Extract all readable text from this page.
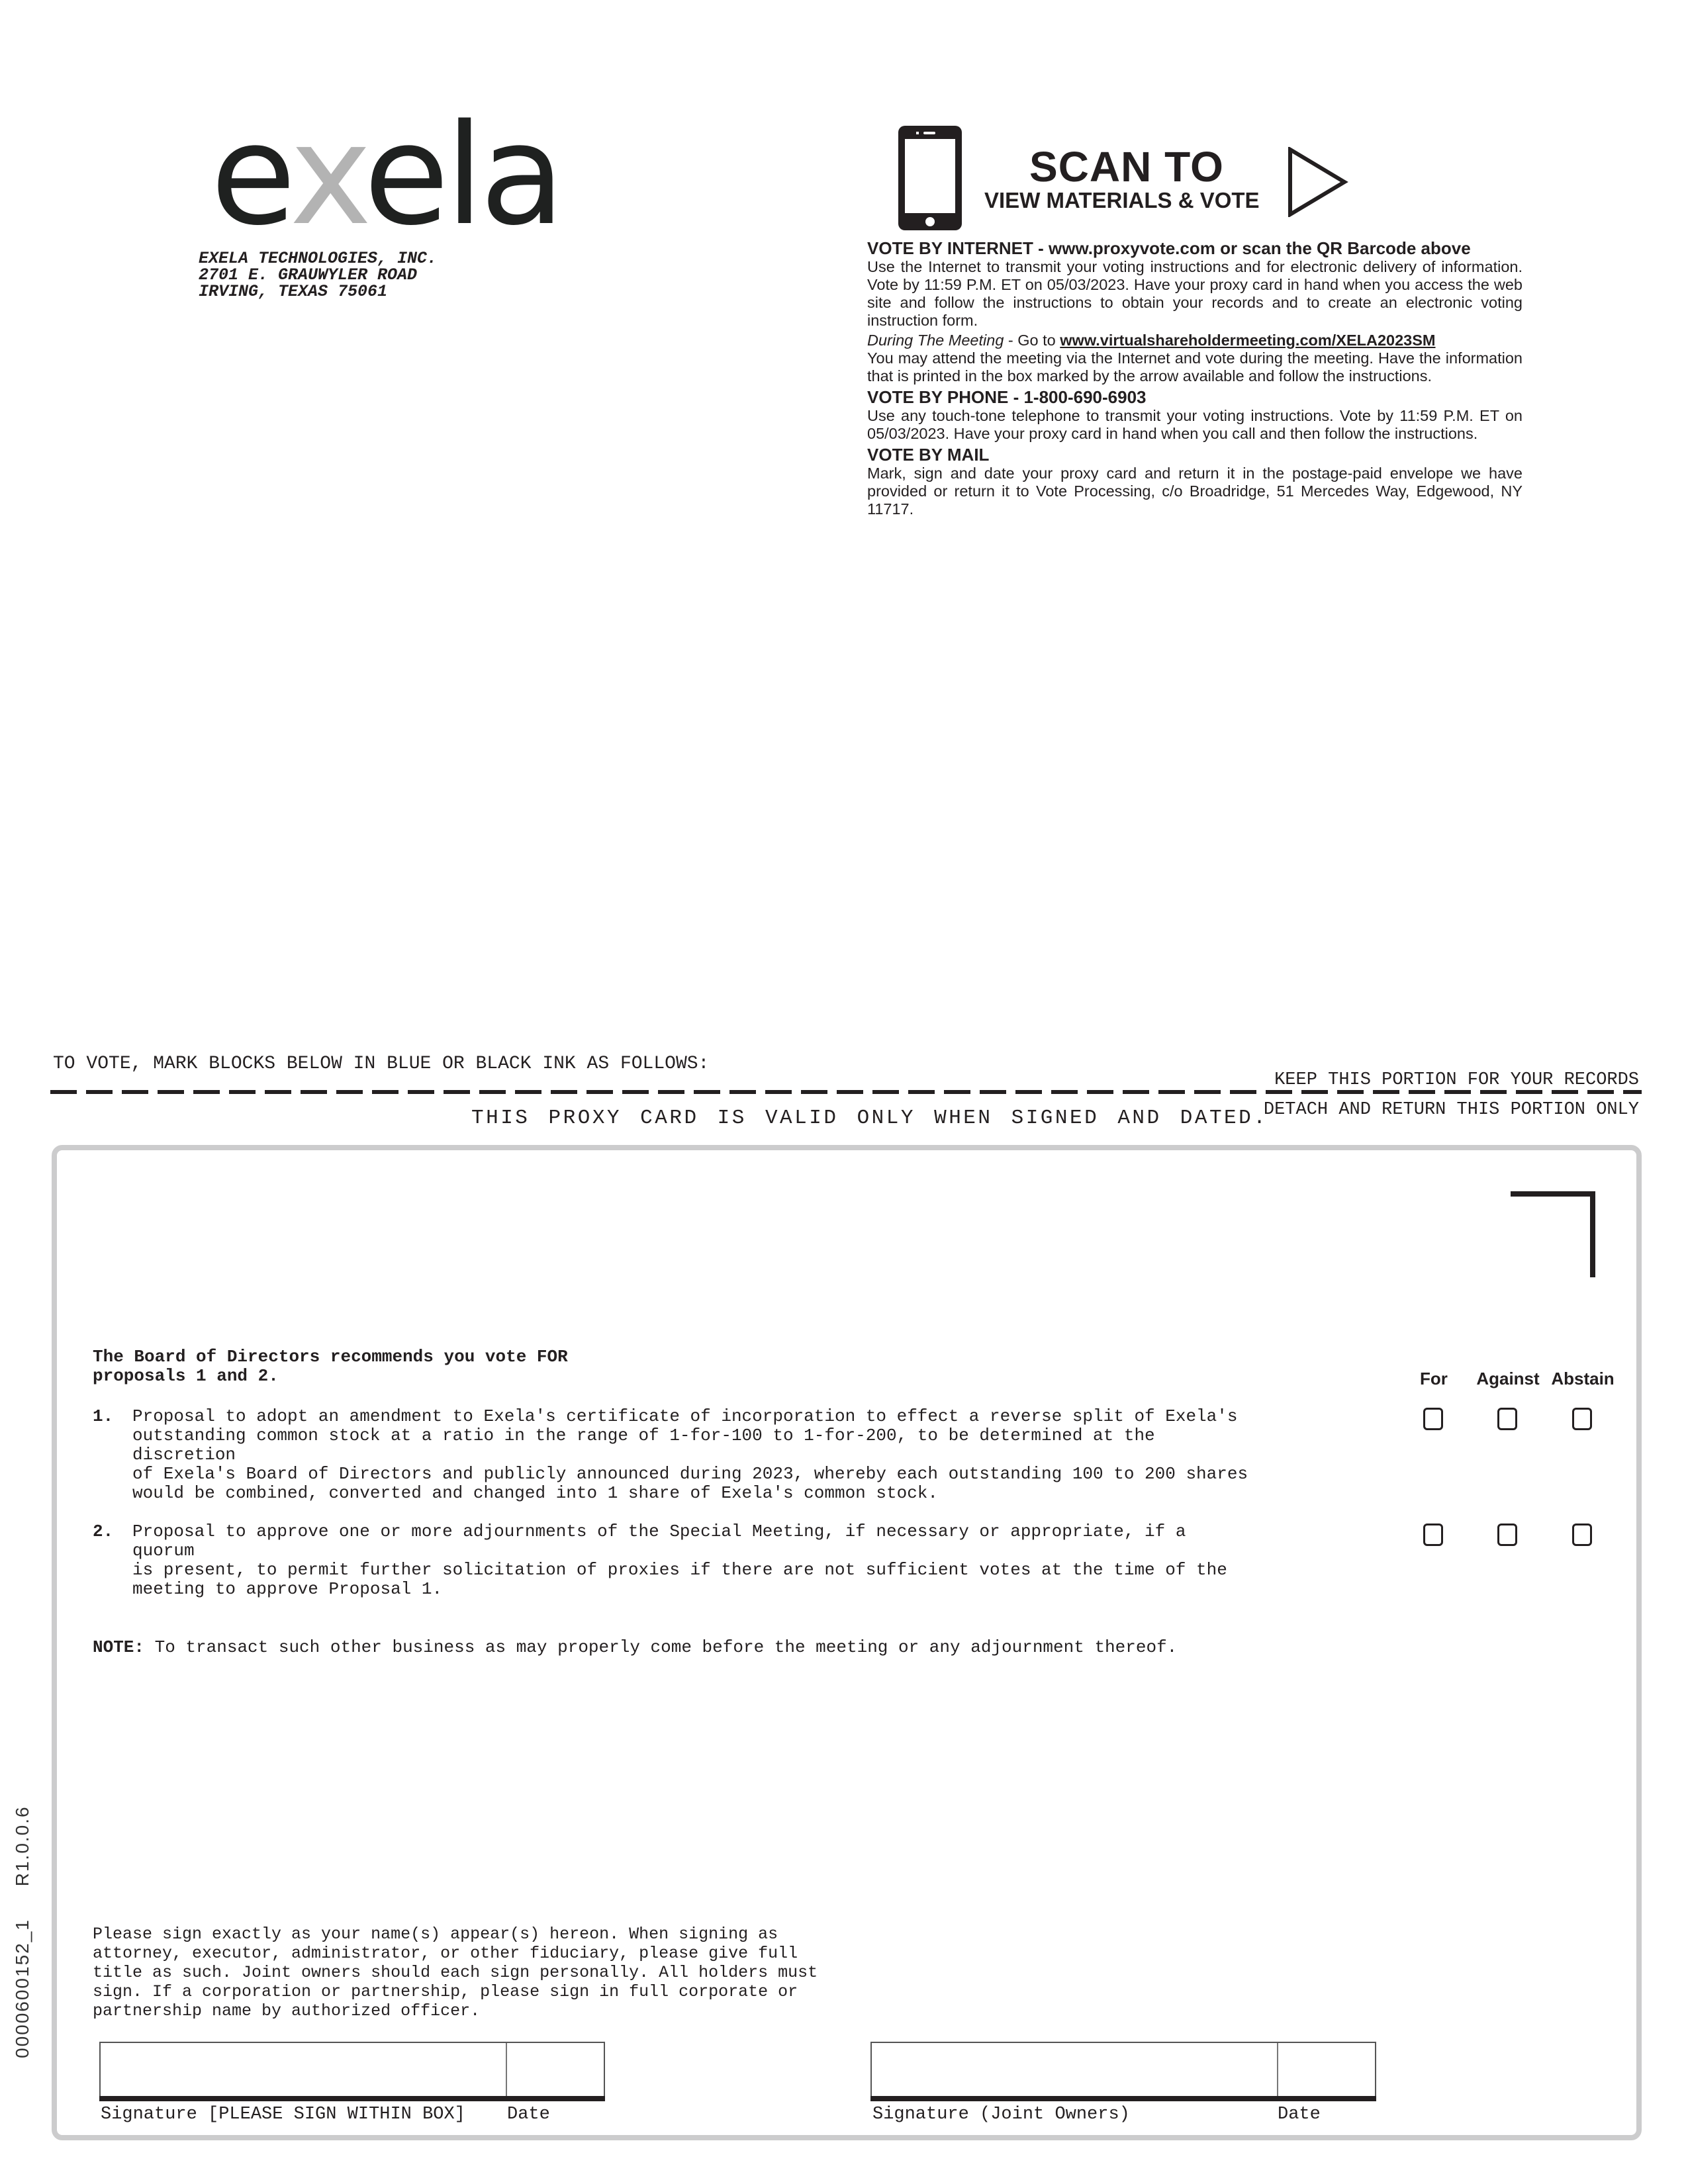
exela
EXELA TECHNOLOGIES, INC.
2701 E. GRAUWYLER ROAD
IRVING, TEXAS 75061
SCAN TO
VIEW MATERIALS & VOTE
VOTE BY INTERNET - www.proxyvote.com or scan the QR Barcode above

Use the Internet to transmit your voting instructions and for electronic delivery of information. Vote by 11:59 P.M. ET on 05/03/2023. Have your proxy card in hand when you access the web site and follow the instructions to obtain your records and to create an electronic voting instruction form.

During The Meeting - Go to www.virtualshareholdermeeting.com/XELA2023SM

You may attend the meeting via the Internet and vote during the meeting. Have the information that is printed in the box marked by the arrow available and follow the instructions.

VOTE BY PHONE - 1-800-690-6903

Use any touch-tone telephone to transmit your voting instructions. Vote by 11:59 P.M. ET on 05/03/2023. Have your proxy card in hand when you call and then follow the instructions.

VOTE BY MAIL

Mark, sign and date your proxy card and return it in the postage-paid envelope we have provided or return it to Vote Processing, c/o Broadridge, 51 Mercedes Way, Edgewood, NY 11717.

TO VOTE, MARK BLOCKS BELOW IN BLUE OR BLACK INK AS FOLLOWS:
KEEP THIS PORTION FOR YOUR RECORDS
THIS PROXY CARD IS VALID ONLY WHEN SIGNED AND DATED.
DETACH AND RETURN THIS PORTION ONLY
The Board of Directors recommends you vote FOR
proposals 1 and 2.	For	Against Abstain
1. Proposal to adopt an amendment to Exela's certificate of incorporation to effect a reverse split of Exela's
outstanding common stock at a ratio in the range of 1-for-100 to 1-for-200, to be determined at the discretion
of Exela's Board of Directors and publicly announced during 2023, whereby each outstanding 100 to 200 shares
would be combined, converted and changed into 1 share of Exela's common stock.
2. Proposal to approve one or more adjournments of the Special Meeting, if necessary or appropriate, if a quorum
is present, to permit further solicitation of proxies if there are not sufficient votes at the time of the
meeting to approve Proposal 1.
NOTE: To transact such other business as may properly come before the meeting or any adjournment thereof.
0000600152_1     R1.0.0.6	Please sign exactly as your name(s) appear(s) hereon. When signing as
attorney, executor, administrator, or other fiduciary, please give full
title as such. Joint owners should each sign personally. All holders must
sign. If a corporation or partnership, please sign in full corporate or
partnership name by authorized officer.
Signature [PLEASE SIGN WITHIN BOX] Date	Signature (Joint Owners)	Date
